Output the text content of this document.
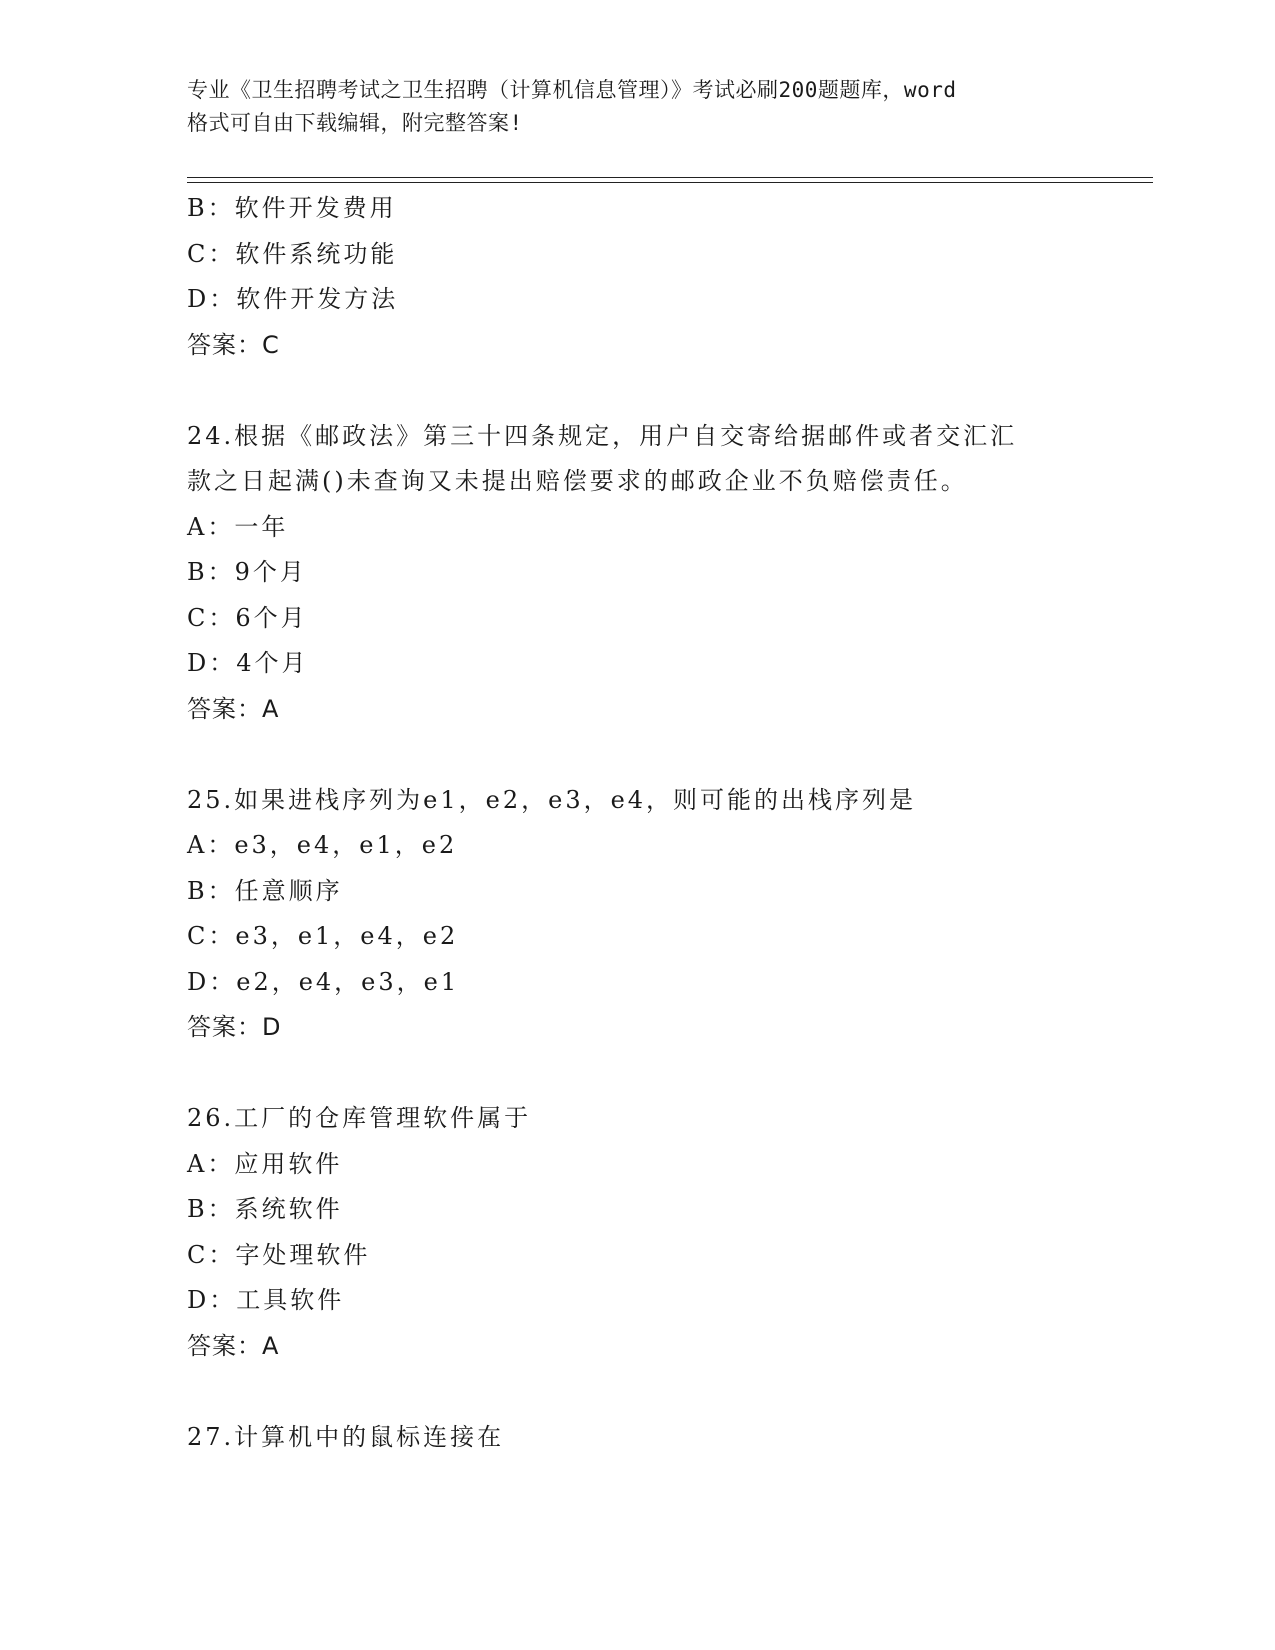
专业《卫生招聘考试之卫生招聘（计算机信息管理）》考试必刷200题题库，word
格式可自由下载编辑，附完整答案!
B：软件开发费用
C：软件系统功能
D：软件开发方法
答案：C
24.根据《邮政法》第三十四条规定，用户自交寄给据邮件或者交汇汇
款之日起满()未查询又未提出赔偿要求的邮政企业不负赔偿责任。
A：一年
B：9个月
C：6个月
D：4个月
答案：A
25.如果进栈序列为e1，e2，e3，e4，则可能的出栈序列是
A：e3，e4，e1，e2
B：任意顺序
C：e3，e1，e4，e2
D：e2，e4，e3，e1
答案：D
26.工厂的仓库管理软件属于
A：应用软件
B：系统软件
C：字处理软件
D：工具软件
答案：A
27.计算机中的鼠标连接在
